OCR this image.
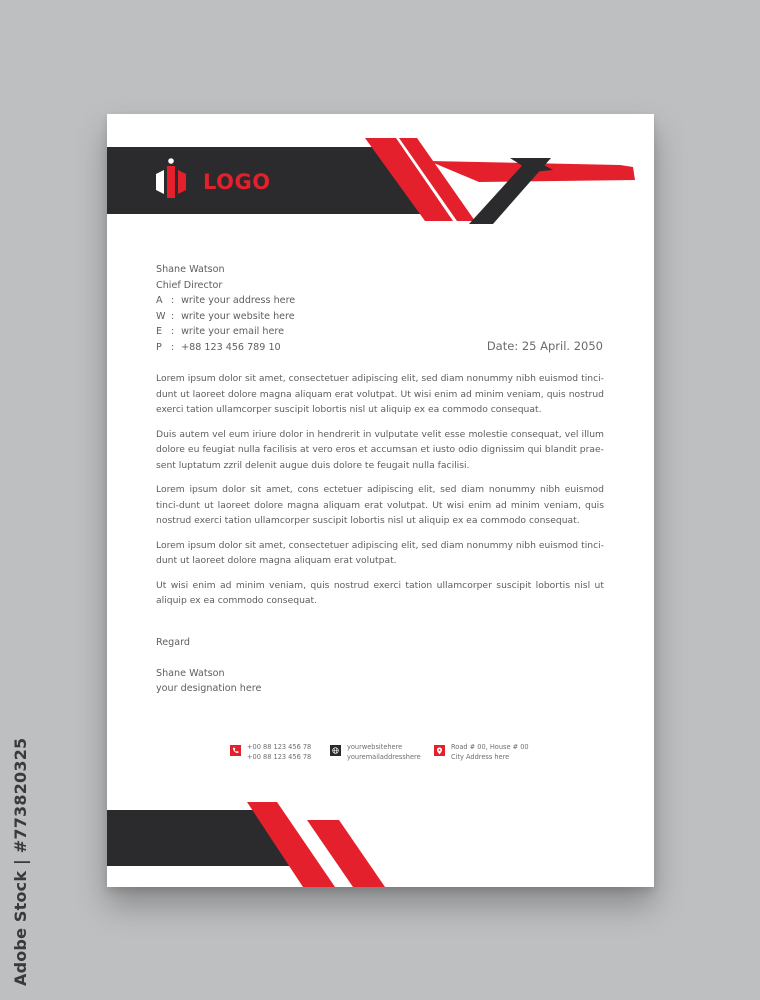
LOGO
Shane Watson
Chief Director
A : write your address here
W : write your website here
E : write your email here
P : +88 123 456 789 10	Date: 25 April. 2050

Lorem ipsum dolor sit amet, consectetuer adipiscing elit, sed diam nonummy nibh euismod tinci-dunt ut laoreet dolore magna aliquam erat volutpat. Ut wisi enim ad minim veniam, quis nostrud exerci tation ullamcorper suscipit lobortis nisl ut aliquip ex ea commodo consequat.

Duis autem vel eum iriure dolor in hendrerit in vulputate velit esse molestie consequat, vel illum dolore eu feugiat nulla facilisis at vero eros et accumsan et iusto odio dignissim qui blandit prae-sent luptatum zzril delenit augue duis dolore te feugait nulla facilisi.

Lorem ipsum dolor sit amet, cons ectetuer adipiscing elit, sed diam nonummy nibh euismod tinci-dunt ut laoreet dolore magna aliquam erat volutpat. Ut wisi enim ad minim veniam, quis nostrud exerci tation ullamcorper suscipit lobortis nisl ut aliquip ex ea commodo consequat.

Lorem ipsum dolor sit amet, consectetuer adipiscing elit, sed diam nonummy nibh euismod tinci-dunt ut laoreet dolore magna aliquam erat volutpat.

Ut wisi enim ad minim veniam, quis nostrud exerci tation ullamcorper suscipit lobortis nisl ut aliquip ex ea commodo consequat.

Regard
Shane Watson
your designation here
+00 88 123 456 78
+00 88 123 456 78
yourwebsitehere
youremailaddresshere
Road # 00, House # 00
City Address here
Adobe Stock | #773820325
